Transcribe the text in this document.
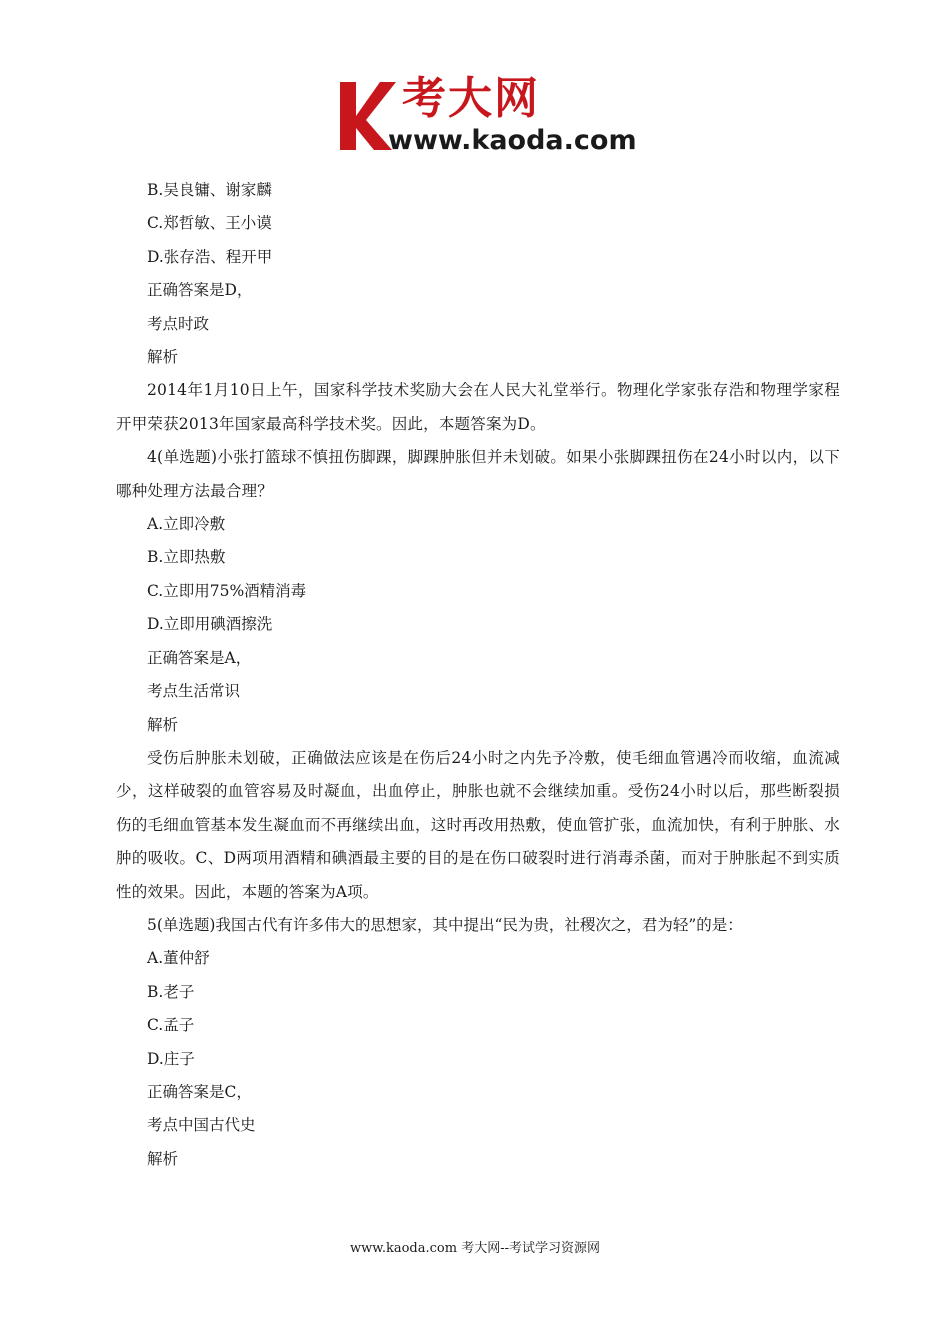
考大网
www.kaoda.com

B.吴良镛、谢家麟

C.郑哲敏、王小谟

D.张存浩、程开甲

正确答案是D，

考点时政

解析

2014年1月10日上午，国家科学技术奖励大会在人民大礼堂举行。物理化学家张存浩和物理学家程开甲荣获2013年国家最高科学技术奖。因此，本题答案为D。

4(单选题)小张打篮球不慎扭伤脚踝，脚踝肿胀但并未划破。如果小张脚踝扭伤在24小时以内，以下哪种处理方法最合理？

A.立即冷敷

B.立即热敷

C.立即用75%酒精消毒

D.立即用碘酒擦洗

正确答案是A，

考点生活常识

解析

受伤后肿胀未划破，正确做法应该是在伤后24小时之内先予冷敷，使毛细血管遇冷而收缩，血流减少，这样破裂的血管容易及时凝血，出血停止，肿胀也就不会继续加重。受伤24小时以后，那些断裂损伤的毛细血管基本发生凝血而不再继续出血，这时再改用热敷，使血管扩张，血流加快，有利于肿胀、水肿的吸收。C、D两项用酒精和碘酒最主要的目的是在伤口破裂时进行消毒杀菌，而对于肿胀起不到实质性的效果。因此，本题的答案为A项。

5(单选题)我国古代有许多伟大的思想家，其中提出“民为贵，社稷次之，君为轻”的是：

A.董仲舒

B.老子

C.孟子

D.庄子

正确答案是C，

考点中国古代史

解析

www.kaoda.com 考大网--考试学习资源网
